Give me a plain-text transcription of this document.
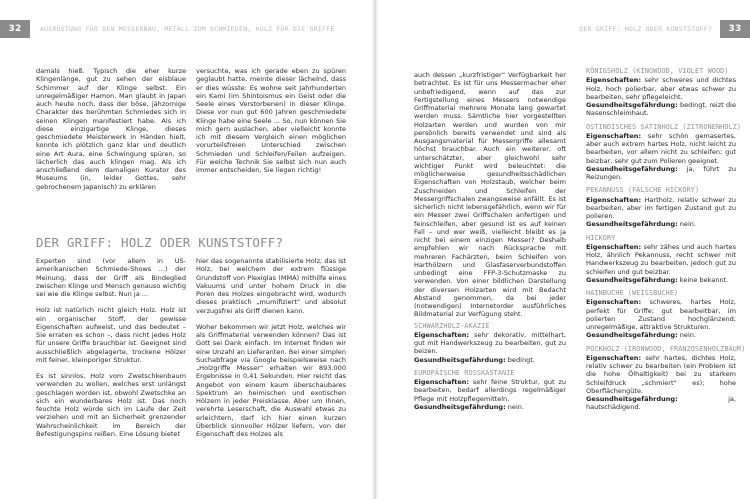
32	AUSRÜSTUNG FÜR DEN MESSERBAU, METALL ZUM SCHMIEDEN, HOLZ FÜR DIE GRIFFE

damals hieß. Typisch die eher kurze Klingenlänge, gut zu sehen der eisblaue Schimmer auf der Klinge selbst. Ein unregelmäßiger Hamon. Man glaubt in Japan auch heute noch, dass der böse, jähzornige Charakter des berühmten Schmiedes sich in seinen Klingen manifestiert habe. Als ich diese einzigartige Klinge, dieses geschmiedete Meisterwerk in Händen hielt, konnte ich plötzlich ganz klar und deutlich eine Art Aura, eine Schwingung spüren, so lächerlich das auch klingen mag. Als ich anschließend dem damaligen Kurator des Museums (in, leider Gottes, sehr gebrochenem Japanisch) zu erklären

versuchte, was ich gerade eben zu spüren geglaubt hatte, meinte dieser lächelnd, dass er dies wüsste: Es wohne seit Jahrhunderten ein Kami (im Shintoismus ein Geist oder die Seele eines Verstorbenen) in dieser Klinge. Diese vor nun gut 600 Jahren geschmiedete Klinge habe eine Seele ... So, nun können Sie mich gern auslachen, aber vielleicht konnte ich mit diesem Vergleich einen möglichen vorurteilsfreien Unterschied zwischen Schmieden und Schleifen/Feilen aufzeigen. Für welche Technik Sie selbst sich nun auch immer entscheiden, Sie liegen richtig!

DER GRIFF: HOLZ ODER KUNSTSTOFF?

Experten sind (vor allem in US-amerikanischen Schmiede-Shows ...) der Meinung, dass der Griff als Bindeglied zwischen Klinge und Mensch genauso wichtig sei wie die Klinge selbst. Nun ja ...

Holz ist natürlich nicht gleich Holz. Holz ist ein organischer Stoff, der gewisse Eigenschaften aufweist, und das bedeutet – Sie erraten es schon –, dass nicht jedes Holz für unsere Griffe brauchbar ist. Geeignet sind ausschließlich abgelagerte, trockene Hölzer mit feiner, kleinporiger Struktur.

Es ist sinnlos, Holz vom Zwetschkenbaum verwenden zu wollen, welches erst unlängst geschlagen worden ist, obwohl Zwetschke an sich ein wunderbares Holz ist. Das noch feuchte Holz würde sich im Laufe der Zeit verziehen und mit an Sicherheit grenzender Wahrscheinlichkeit im Bereich der Befestigungspins reißen. Eine Lösung bietet

hier das sogenannte stabilisierte Holz; das ist Holz, bei welchem der extrem flüssige Grundstoff von Plexiglas (MMA) mithilfe eines Vakuums und unter hohem Druck in die Poren des Holzes eingebracht wird, wodurch dieses praktisch „mumifiziert“ und absolut verzugsfrei als Griff dienen kann.

Woher bekommen wir jetzt Holz, welches wir als Griffmaterial verwenden können? Das ist Gott sei Dank einfach. Im Internet finden wir eine Unzahl an Lieferanten. Bei einer simplen Suchabfrage via Google beispielsweise nach „Holzgriffe Messer“ erhalten wir 893.000 Ergebnisse in 0,41 Sekunden. Hier reicht das Angebot von einem kaum überschaubares Spektrum an heimischen und exotischen Hölzern in jeder Preisklasse. Aber um Ihnen, verehrte Leserschaft, die Auswahl etwas zu erleichtern, darf ich hier einen kurzen Überblick sinnvoller Hölzer liefern, von der Eigenschaft des Holzes als

DER GRIFF: HOLZ ODER KUNSTSTOFF?	33

auch dessen „kurzfristiger“ Verfügbarkeit her betrachtet. Es ist für uns Messermacher eher unbefriedigend, wenn auf das zur Fertigstellung eines Messers notwendige Griffmaterial mehrere Monate lang gewartet werden muss. Sämtliche hier vorgestellten Holzarten werden und wurden von mir persönlich bereits verwendet und sind als Ausgangsmaterial für Messergriffe allesamt höchst brauchbar. Auch ein weiterer, oft unterschätzter, aber gleichwohl sehr wichtiger Punkt wird beleuchtet: die möglicherweise gesundheitsschädlichen Eigenschaften von Holzstaub, welcher beim Zuschneiden und Schleifen der Messergriffschalen zwangsweise anfällt. Es ist sicherlich nicht lebensgefährlich, wenn wir für ein Messer zwei Griffschalen anfertigen und feinschleifen, aber gesund ist es auf keinen Fall – und wer weiß, vielleicht bleibt es ja nicht bei einem einzigen Messer? Deshalb empfehlen wir nach Rücksprache mit mehreren Fachärzten, beim Schleifen von Harthölzern und Glasfaserverbundstoffen unbedingt eine FFP-3-Schutzmaske zu verwenden. Von einer bildlichen Darstellung der diversen Holzarten wird mit Bedacht Abstand genommen, da bei jeder (notwendigen) Internetorder ausführliches Bildmaterial zur Verfügung steht.

SCHWARZHOLZ-AKAZIE
Eigenschaften: sehr dekorativ, mittelhart, gut mit Handwerkszeug zu bearbeiten, gut zu beizen.
Gesundheitsgefährdung: bedingt.
EUROPÄISCHE ROSSKASTANIE
Eigenschaften: sehr feine Struktur, gut zu bearbeiten, bedarf allerdings regelmäßiger Pflege mit Holzpflegemitteln.
Gesundheitsgefährdung: nein.
KÖNIGSHOLZ (KINGWOOD, VIOLET WOOD)
Eigenschaften: sehr schweres und dichtes Holz, hoch polierbar, aber etwas schwer zu bearbeiten, sehr pflegeleicht.
Gesundheitsgefährdung: bedingt, reizt die Nasenschleimhaut.
OSTINDISCHES SATINHOLZ (ZITRONENHOLZ)
Eigenschaften: sehr schön gemasertes, aber auch extrem hartes Holz, nicht leicht zu bearbeiten, vor allem nicht zu schleifen; gut beizbar, sehr gut zum Polieren geeignet.
Gesundheitsgefährdung: ja, führt zu Reizungen.
PEKANNUSS (FALSCHE HICKORY)
Eigenschaften: Hartholz, relativ schwer zu bearbeiten, aber im fertigen Zustand gut zu polieren.
Gesundheitsgefährdung: nein.
HICKORY
Eigenschaften: sehr zähes und auch hartes Holz, ähnlich Pekannuss, recht schwer mit Handwerkszeug zu bearbeiten, jedoch gut zu schleifen und gut beizbar.
Gesundheitsgefährdung: keine bekannt.
HAINBUCHE (WEISSBUCHE)
Eigenschaften: schweres, hartes Holz, perfekt für Griffe; gut bearbeitbar, im polierten Zustand hochglänzend; unregelmäßige, attraktive Strukturen.
Gesundheitsgefährdung: nein.
POCKHOLZ (IRONWOOD, FRANZOSENHOLZBAUM)
Eigenschaften: sehr hartes, dichtes Holz, relativ schwer zu bearbeiten (ein Problem ist die hohe Ölhaltigkeit) bei zu starkem Schleifdruck „schmiert“ es); hohe Oberflächengüte.
Gesundheitsgefährdung:	ja, hautschädigend.
